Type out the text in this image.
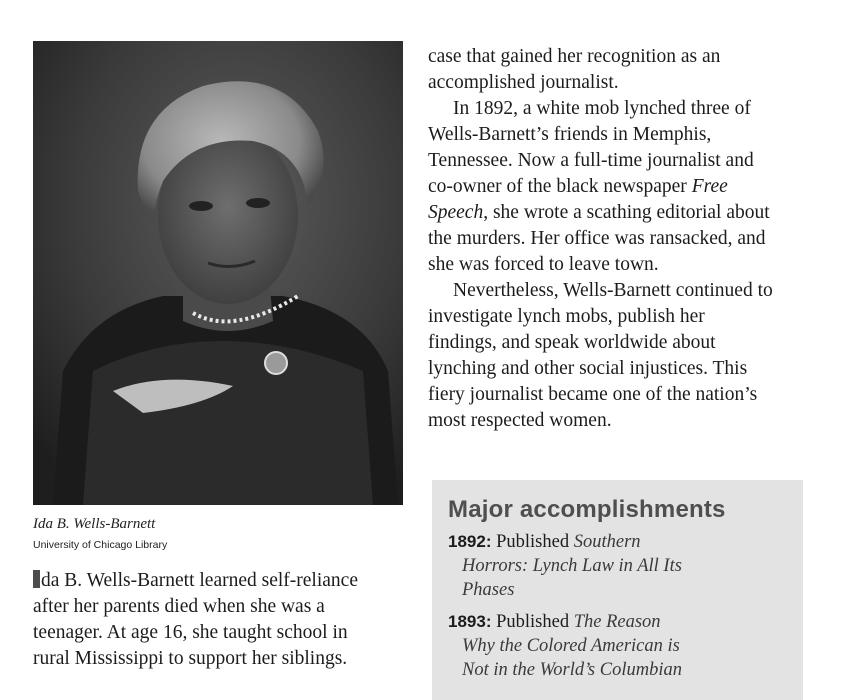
Ida B. Wells-Barnett
University of Chicago Library
da B. Wells-Barnett learned self-reliance
after her parents died when she was a
teenager. At age 16, she taught school in
rural Mississippi to support her siblings.

case that gained her recognition as an
accomplished journalist.

In 1892, a white mob lynched three of
Wells-Barnett’s friends in Memphis,
Tennessee. Now a full-time journalist and
co-owner of the black newspaper Free
Speech, she wrote a scathing editorial about
the murders. Her office was ransacked, and
she was forced to leave town.

Nevertheless, Wells-Barnett continued to
investigate lynch mobs, publish her
findings, and speak worldwide about
lynching and other social injustices. This
fiery journalist became one of the nation’s
most respected women.

Major accomplishments
1892: Published Southern
Horrors: Lynch Law in All Its
Phases
1893: Published The Reason
Why the Colored American is
Not in the World’s Columbian
